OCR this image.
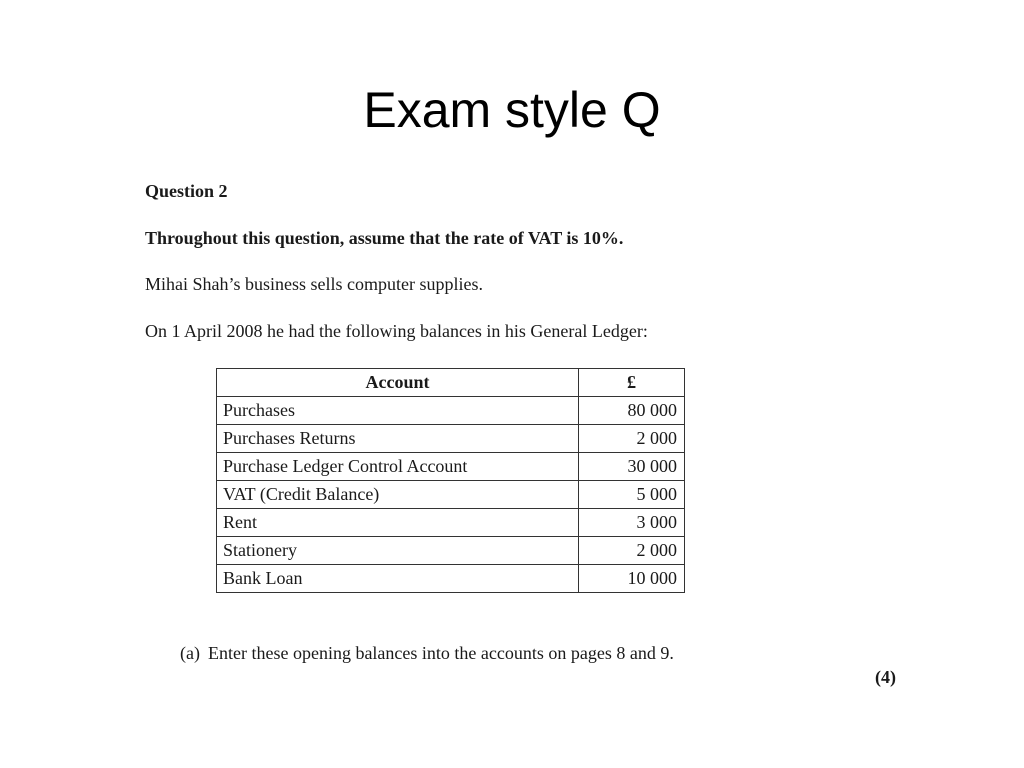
Exam style Q
Question 2
Throughout this question, assume that the rate of VAT is 10%.
Mihai Shah’s business sells computer supplies.
On 1 April 2008 he had the following balances in his General Ledger:
Account	£
Purchases	80 000
Purchases Returns	2 000
Purchase Ledger Control Account	30 000
VAT (Credit Balance)	5 000
Rent	3 000
Stationery	2 000
Bank Loan	10 000
(a) Enter these opening balances into the accounts on pages 8 and 9.
(4)
